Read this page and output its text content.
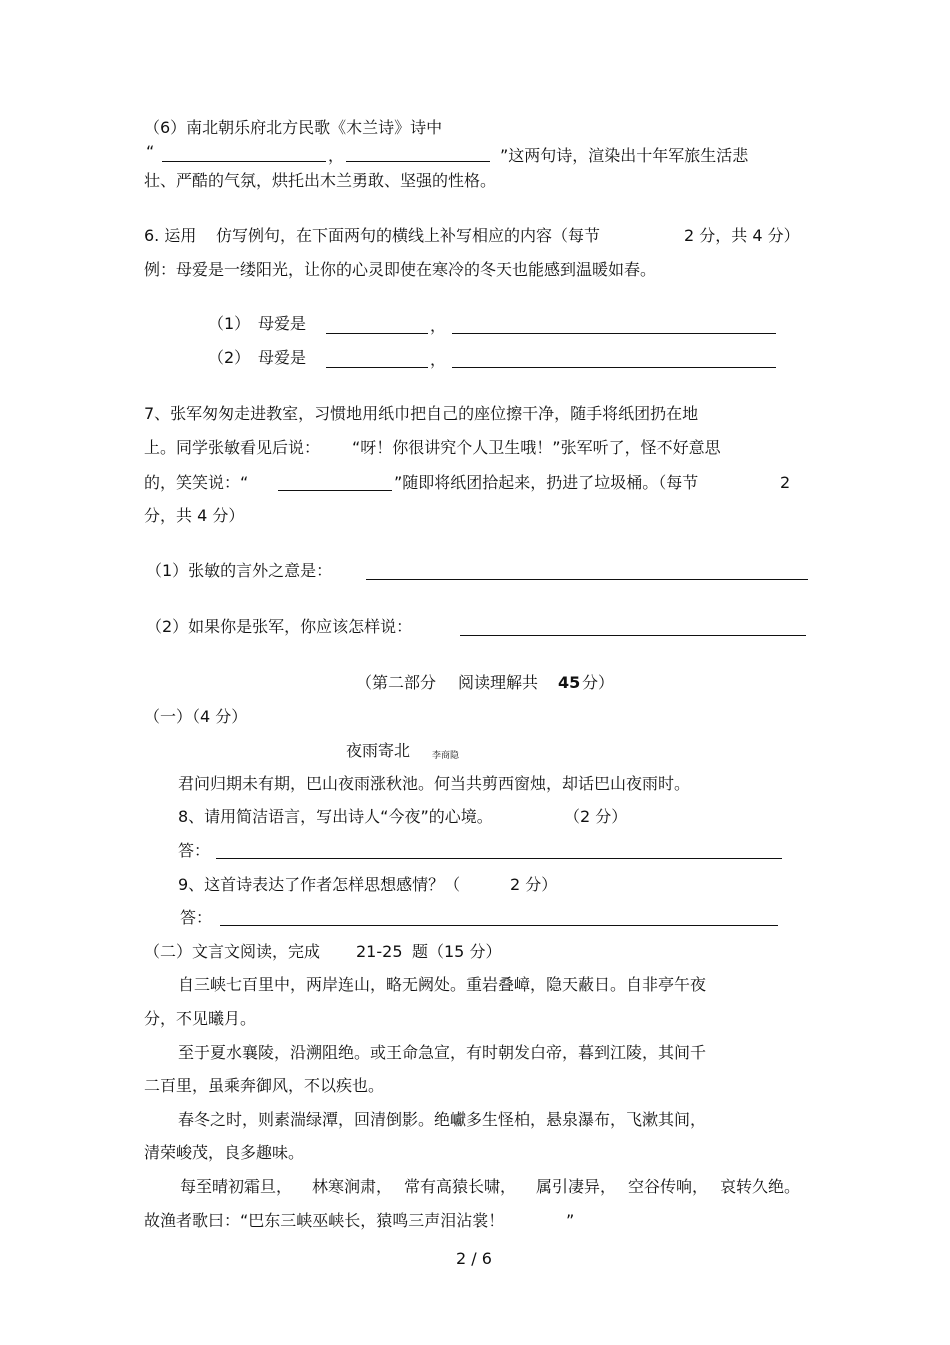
（6）南北朝乐府北方民歌《木兰诗》诗中
“	，	”这两句诗，渲染出十年军旅生活悲
壮、严酷的气氛，烘托出木兰勇敢、坚强的性格。
6. 运用 仿写例句，在下面两句的横线上补写相应的内容（每节	2 分，共 4 分）
例：母爱是一缕阳光，让你的心灵即使在寒冷的冬天也能感到温暖如春。
（1） 母爱是	，
（2） 母爱是	，
7、张军匆匆走进教室，习惯地用纸巾把自己的座位擦干净，随手将纸团扔在地
上。同学张敏看见后说： “呀！你很讲究个人卫生哦！”张军听了，怪不好意思
的，笑笑说：“	”随即将纸团拾起来，扔进了垃圾桶。（每节	2
分，共 4 分）
（1）张敏的言外之意是：
（2）如果你是张军，你应该怎样说：
（第二部分 阅读理解共 45 分）
（一）（4 分）
夜雨寄北 李商隐
君问归期未有期，巴山夜雨涨秋池。何当共剪西窗烛，却话巴山夜雨时。
8、请用简洁语言，写出诗人“今夜”的心境。	（2 分）
答：
9、这首诗表达了作者怎样思想感情？（	2 分）
答：
（二）文言文阅读，完成 21-25 题（15 分）
自三峡七百里中，两岸连山，略无阙处。重岩叠嶂，隐天蔽日。自非亭午夜
分，不见曦月。
至于夏水襄陵，沿溯阻绝。或王命急宣，有时朝发白帝，暮到江陵，其间千
二百里，虽乘奔御风，不以疾也。
春冬之时，则素湍绿潭，回清倒影。绝巘多生怪柏，悬泉瀑布，飞漱其间，
清荣峻茂，良多趣味。
每至晴初霜旦， 林寒涧肃， 常有高猿长啸， 属引凄异， 空谷传响， 哀转久绝。
故渔者歌曰：“巴东三峡巫峡长，猿鸣三声泪沾裳！	”
2 / 6
